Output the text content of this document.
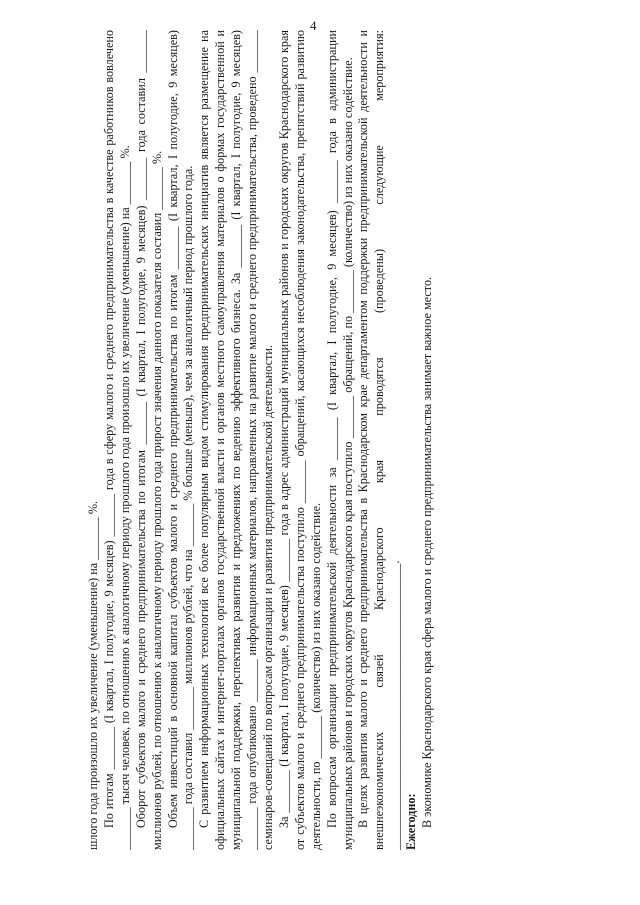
4

шлого года произошло их увеличение (уменьшение) на _______ %. По итогам _______ (I квартал, I полугодие, 9 месяцев) _______ года в сферу малого и среднего предпринимательства в качестве работников вовлечено _______ тысяч человек, по отношению к аналогичному периоду прошлого года произошло их увеличение (уменьшение) на _______ %. Оборот субъектов малого и среднего предпринимательства по итогам _______ (I квартал, I полугодие, 9 месяцев) _______ года составил _______ миллионов рублей, по отношению к аналогичному периоду прошлого года прирост значения данного показателя составил _______ %. Объем инвестиций в основной капитал субъектов малого и среднего предпринимательства по итогам _______ (I квартал, I полугодие, 9 месяцев) _______ года составил _______ миллионов рублей, что на _______ % больше (меньше), чем за аналогичный период прошлого года. С развитием информационных технологий все более популярным видом стимулирования предпринимательских инициатив является размещение на официальных сайтах и интернет-порталах органов государственной власти и органов местного самоуправления материалов о формах государственной и муниципальной поддержки, перспективах развития и предложениях по ведению эффективного бизнеса. За _______ (I квартал, I полугодие, 9 месяцев) _______ года опубликовано _______ информационных материалов, направленных на развитие малого и среднего предпринимательства, проведено _______ семинаров-совещаний по вопросам организации и развития предпринимательской деятельности. За _______ (I квартал, I полугодие, 9 месяцев) _______ года в адрес администраций муниципальных районов и городских округов Краснодарского края от субъектов малого и среднего предпринимательства поступило _______ обращений, касающихся несоблюдения законодательства, препятствий развитию деятельности, по _______ (количество) из них оказано содействие. По вопросам организации предпринимательской деятельности за _______ (I квартал, I полугодие, 9 месяцев) _______ года в администрации муниципальных районов и городских округов Краснодарского края поступило _______ обращений, по _______ (количество) из них оказано содействие. В целях развития малого и среднего предпринимательства в Краснодарском крае департаментом поддержки предпринимательской деятельности и внешнеэкономических связей Краснодарского края проводятся (проведены) следующие мероприятия: _______________________________________________. Ежегодно: В экономике Краснодарского края сфера малого и среднего предпринимательства занимает важное место.
